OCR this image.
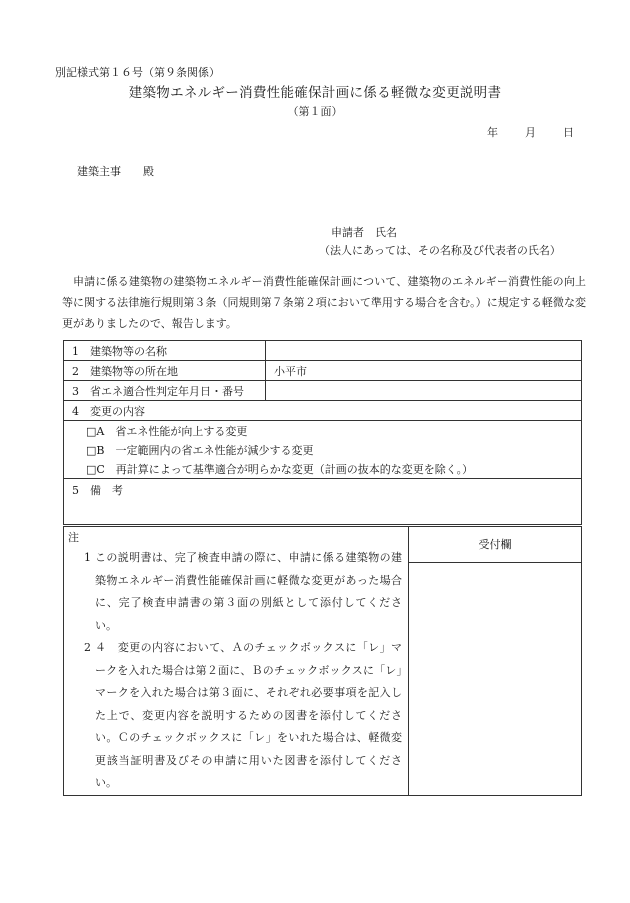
別記様式第１６号（第９条関係）
建築物エネルギー消費性能確保計画に係る軽微な変更説明書
（第１面）
年 月 日
建築主事　　殿
申請者　氏名
（法人にあっては、その名称及び代表者の氏名）
申請に係る建築物の建築物エネルギー消費性能確保計画について、建築物のエネルギー消費性能の向上等に関する法律施行規則第３条（同規則第７条第２項において準用する場合を含む。）に規定する軽微な変更がありましたので、報告します。
1　建築物等の名称	
2　建築物等の所在地	小平市
3　省エネ適合性判定年月日・番号	
4　変更の内容	
□A　省エネ性能が向上する変更	
□B　一定範囲内の省エネ性能が減少する変更	
□C　再計算によって基準適合が明らかな変更（計画の抜本的な変更を除く。）	
5　備　考	
注
1 この説明書は、完了検査申請の際に、申請に係る建築物の建築物エネルギー消費性能確保計画に軽微な変更があった場合に、完了検査申請書の第３面の別紙として添付してください。
2 ４　変更の内容において、Ａのチェックボックスに「レ」マークを入れた場合は第２面に、Ｂのチェックボックスに「レ」マークを入れた場合は第３面に、それぞれ必要事項を記入した上で、変更内容を説明するための図書を添付してください。Ｃのチェックボックスに「レ」をいれた場合は、軽微変更該当証明書及びその申請に用いた図書を添付してください。

受付欄
